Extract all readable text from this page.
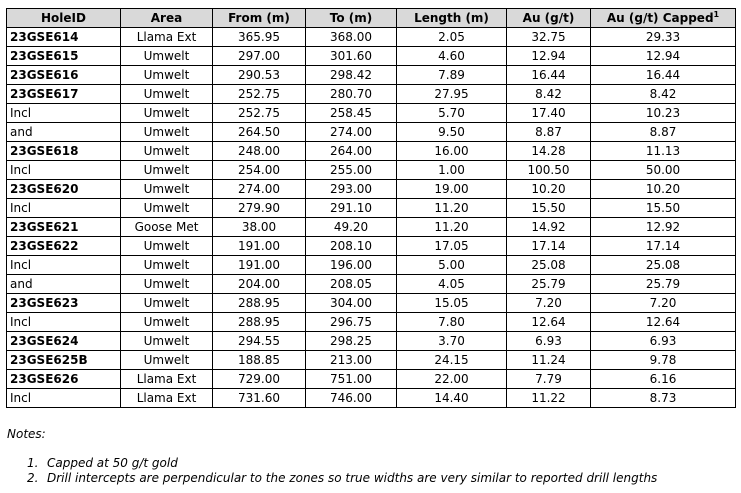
HoleID	Area	From (m)	To (m)	Length (m)	Au (g/t)	Au (g/t) Capped$^1$
23GSE614	Llama Ext	365.95	368.00	2.05	32.75	29.33
23GSE615	Umwelt	297.00	301.60	4.60	12.94	12.94
23GSE616	Umwelt	290.53	298.42	7.89	16.44	16.44
23GSE617	Umwelt	252.75	280.70	27.95	8.42	8.42
Incl	Umwelt	252.75	258.45	5.70	17.40	10.23
and	Umwelt	264.50	274.00	9.50	8.87	8.87
23GSE618	Umwelt	248.00	264.00	16.00	14.28	11.13
Incl	Umwelt	254.00	255.00	1.00	100.50	50.00
23GSE620	Umwelt	274.00	293.00	19.00	10.20	10.20
Incl	Umwelt	279.90	291.10	11.20	15.50	15.50
23GSE621	Goose Met	38.00	49.20	11.20	14.92	12.92
23GSE622	Umwelt	191.00	208.10	17.05	17.14	17.14
Incl	Umwelt	191.00	196.00	5.00	25.08	25.08
and	Umwelt	204.00	208.05	4.05	25.79	25.79
23GSE623	Umwelt	288.95	304.00	15.05	7.20	7.20
Incl	Umwelt	288.95	296.75	7.80	12.64	12.64
23GSE624	Umwelt	294.55	298.25	3.70	6.93	6.93
23GSE625B	Umwelt	188.85	213.00	24.15	11.24	9.78
23GSE626	Llama Ext	729.00	751.00	22.00	7.79	6.16
Incl	Llama Ext	731.60	746.00	14.40	11.22	8.73
Notes:
1. Capped at 50 g/t gold
2. Drill intercepts are perpendicular to the zones so true widths are very similar to reported drill lengths
